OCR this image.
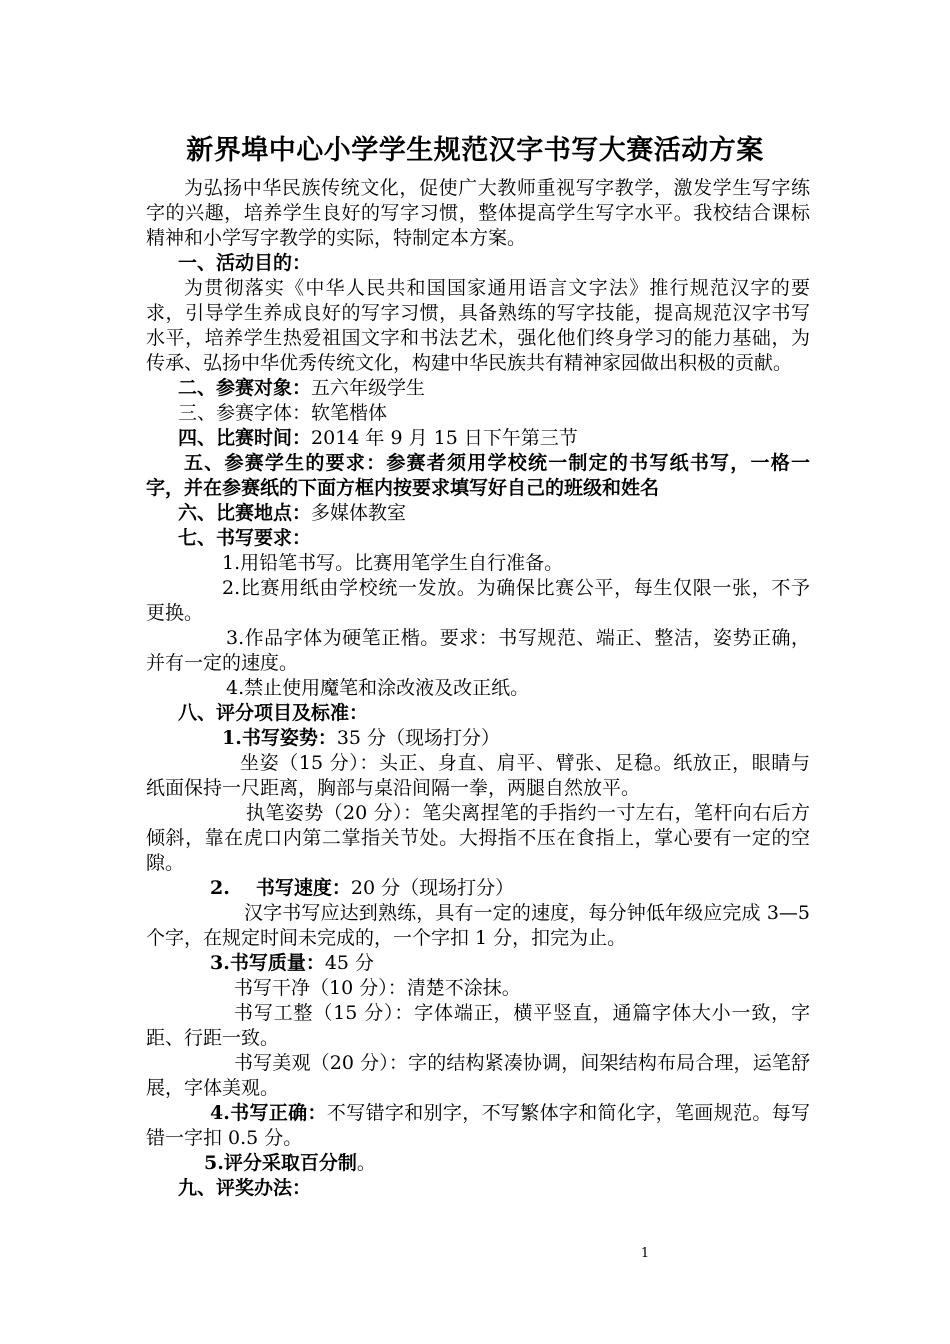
新界埠中心小学学生规范汉字书写大赛活动方案

为弘扬中华民族传统文化，促使广大教师重视写字教学，激发学生写字练字的兴趣，培养学生良好的写字习惯，整体提高学生写字水平。我校结合课标精神和小学写字教学的实际，特制定本方案。

一、活动目的：

为贯彻落实《中华人民共和国国家通用语言文字法》推行规范汉字的要求，引导学生养成良好的写字习惯，具备熟练的写字技能，提高规范汉字书写水平，培养学生热爱祖国文字和书法艺术，强化他们终身学习的能力基础，为传承、弘扬中华优秀传统文化，构建中华民族共有精神家园做出积极的贡献。

二、参赛对象：五六年级学生

三、参赛字体：软笔楷体

四、比赛时间：2014 年 9 月 15 日下午第三节

五、参赛学生的要求：参赛者须用学校统一制定的书写纸书写，一格一字，并在参赛纸的下面方框内按要求填写好自己的班级和姓名

六、比赛地点：多媒体教室

七、书写要求：

1.用铅笔书写。比赛用笔学生自行准备。

2.比赛用纸由学校统一发放。为确保比赛公平，每生仅限一张，不予更换。

3.作品字体为硬笔正楷。要求：书写规范、端正、整洁，姿势正确，并有一定的速度。

4.禁止使用魔笔和涂改液及改正纸。

八、评分项目及标准：

1.书写姿势：35 分（现场打分）

坐姿（15 分）：头正、身直、肩平、臂张、足稳。纸放正，眼睛与纸面保持一尺距离，胸部与桌沿间隔一拳，两腿自然放平。

执笔姿势（20 分）：笔尖离捏笔的手指约一寸左右，笔杆向右后方倾斜，靠在虎口内第二掌指关节处。大拇指不压在食指上，掌心要有一定的空隙。

2. 书写速度：20 分（现场打分）

汉字书写应达到熟练，具有一定的速度，每分钟低年级应完成 3—5 个字，在规定时间未完成的，一个字扣 1 分，扣完为止。

3.书写质量：45 分

书写干净（10 分）：清楚不涂抹。

书写工整（15 分）：字体端正，横平竖直，通篇字体大小一致，字距、行距一致。

书写美观（20 分）：字的结构紧凑协调，间架结构布局合理，运笔舒展，字体美观。

4.书写正确：不写错字和别字，不写繁体字和简化字，笔画规范。每写错一字扣 0.5 分。

5.评分采取百分制。

九、评奖办法：

1
